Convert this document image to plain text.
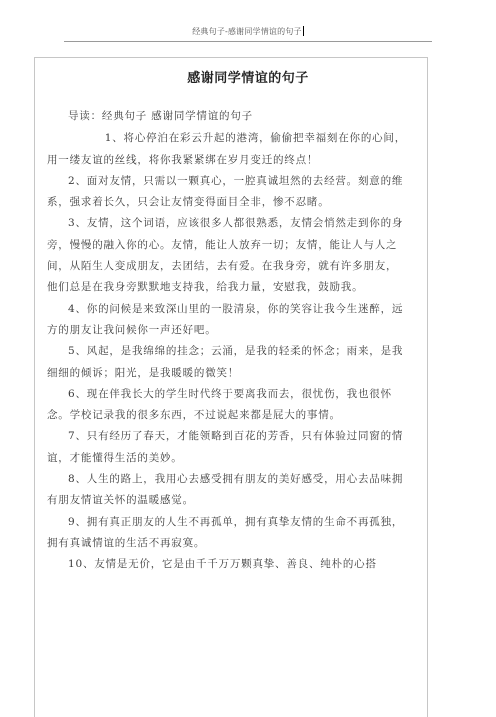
经典句子-感谢同学情谊的句子
感谢同学情谊的句子

导读：经典句子 感谢同学情谊的句子

1、将心停泊在彩云升起的港湾，偷偷把幸福刻在你的心间，用一缕友谊的丝线，将你我紧紧绑在岁月变迁的终点！

2、面对友情，只需以一颗真心，一腔真诚坦然的去经营。刻意的维系，强求着长久，只会让友情变得面目全非，惨不忍睹。

3、友情，这个词语，应该很多人都很熟悉，友情会悄然走到你的身旁，慢慢的融入你的心。友情，能让人放弃一切；友情，能让人与人之间，从陌生人变成朋友，去团结，去有爱。在我身旁，就有许多朋友，他们总是在我身旁默默地支持我，给我力量，安慰我，鼓励我。

4、你的问候是来致深山里的一股清泉，你的笑容让我今生迷醉，远方的朋友让我问候你一声还好吧。

5、风起，是我绵绵的挂念；云涌，是我的轻柔的怀念；雨来，是我细细的倾诉；阳光，是我暖暖的微笑！

6、现在伴我长大的学生时代终于要离我而去，很忧伤，我也很怀念。学校记录我的很多东西，不过说起来都是屁大的事情。

7、只有经历了春天，才能领略到百花的芳香，只有体验过同窗的情谊，才能懂得生活的美妙。

8、人生的路上，我用心去感受拥有朋友的美好感受，用心去品味拥有朋友情谊关怀的温暖感觉。

9、拥有真正朋友的人生不再孤单，拥有真挚友情的生命不再孤独，拥有真诚情谊的生活不再寂寞。

10、友情是无价，它是由千千万万颗真挚、善良、纯朴的心搭
